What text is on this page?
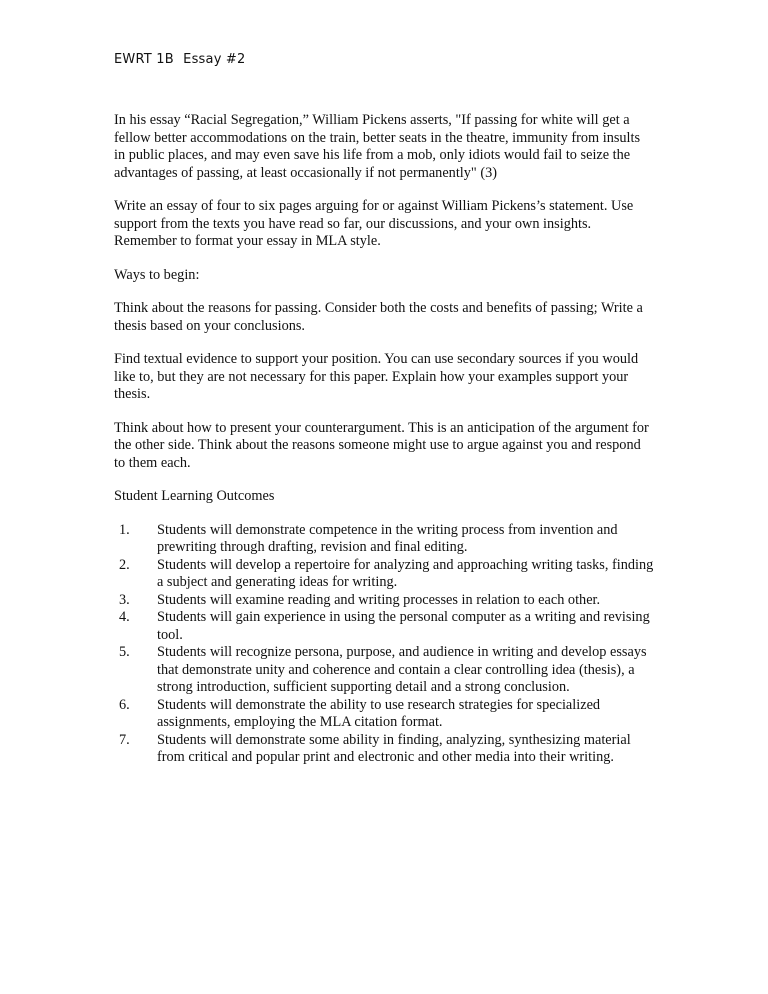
EWRT 1B Essay #2

In his essay “Racial Segregation,” William Pickens asserts, "If passing for white will get a fellow better accommodations on the train, better seats in the theatre, immunity from insults in public places, and may even save his life from a mob, only idiots would fail to seize the advantages of passing, at least occasionally if not permanently" (3)

Write an essay of four to six pages arguing for or against William Pickens’s statement. Use support from the texts you have read so far, our discussions, and your own insights. Remember to format your essay in MLA style.

Ways to begin:

Think about the reasons for passing. Consider both the costs and benefits of passing; Write a thesis based on your conclusions.

Find textual evidence to support your position. You can use secondary sources if you would like to, but they are not necessary for this paper. Explain how your examples support your thesis.

Think about how to present your counterargument. This is an anticipation of the argument for the other side. Think about the reasons someone might use to argue against you and respond to them each.

Student Learning Outcomes

1.	Students will demonstrate competence in the writing process from invention and prewriting through drafting, revision and final editing.
2.	Students will develop a repertoire for analyzing and approaching writing tasks, finding a subject and generating ideas for writing.
3.	Students will examine reading and writing processes in relation to each other.
4.	Students will gain experience in using the personal computer as a writing and revising tool.
5.	Students will recognize persona, purpose, and audience in writing and develop essays that demonstrate unity and coherence and contain a clear controlling idea (thesis), a strong introduction, sufficient supporting detail and a strong conclusion.
6.	Students will demonstrate the ability to use research strategies for specialized assignments, employing the MLA citation format.
7.	Students will demonstrate some ability in finding, analyzing, synthesizing material from critical and popular print and electronic and other media into their writing.
